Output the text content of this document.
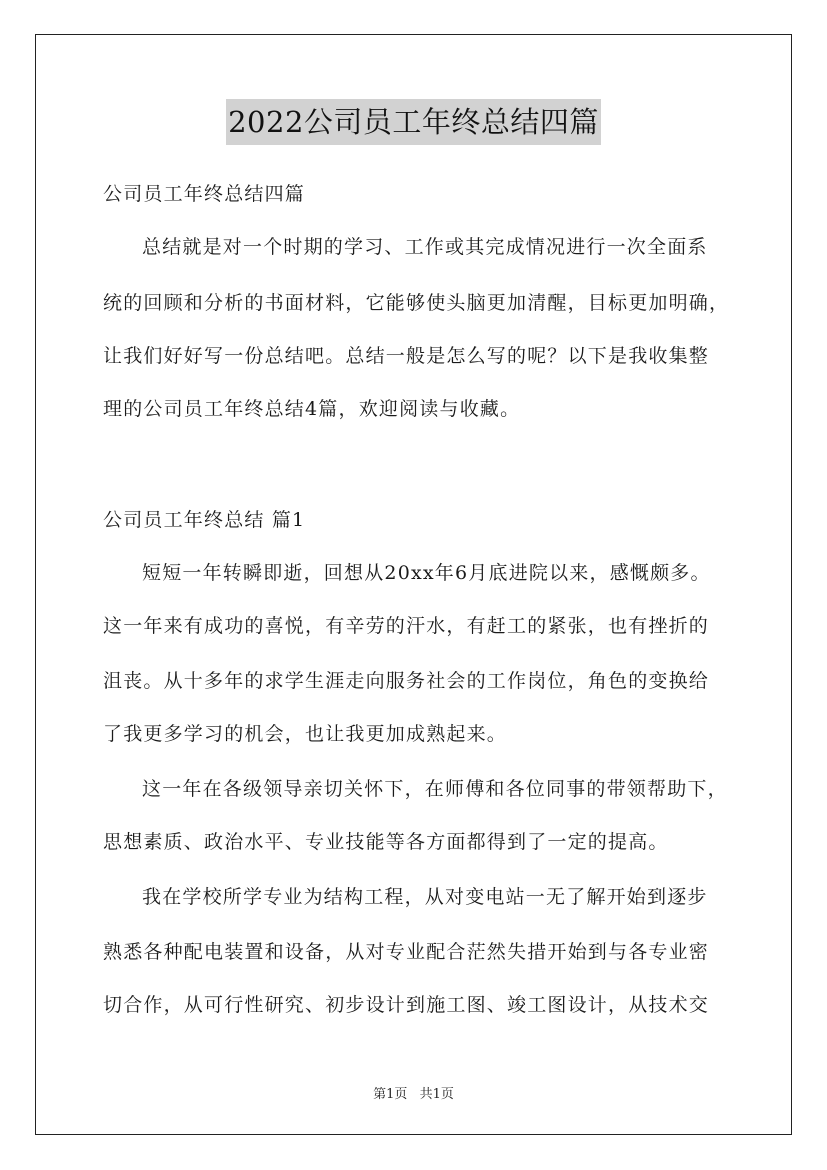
2022公司员工年终总结四篇
公司员工年终总结四篇
总结就是对一个时期的学习、工作或其完成情况进行一次全面系
统的回顾和分析的书面材料，它能够使头脑更加清醒，目标更加明确，
让我们好好写一份总结吧。总结一般是怎么写的呢？以下是我收集整
理的公司员工年终总结4篇，欢迎阅读与收藏。
公司员工年终总结 篇1
短短一年转瞬即逝，回想从20xx年6月底进院以来，感慨颇多。
这一年来有成功的喜悦，有辛劳的汗水，有赶工的紧张，也有挫折的
沮丧。从十多年的求学生涯走向服务社会的工作岗位，角色的变换给
了我更多学习的机会，也让我更加成熟起来。
这一年在各级领导亲切关怀下，在师傅和各位同事的带领帮助下，
思想素质、政治水平、专业技能等各方面都得到了一定的提高。
我在学校所学专业为结构工程，从对变电站一无了解开始到逐步
熟悉各种配电装置和设备，从对专业配合茫然失措开始到与各专业密
切合作，从可行性研究、初步设计到施工图、竣工图设计，从技术交
第1页 共1页
